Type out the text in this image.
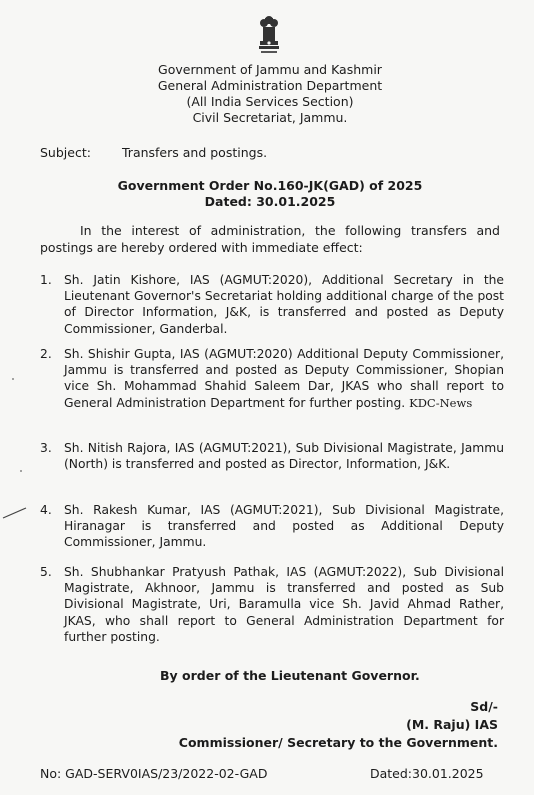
Government of Jammu and Kashmir
General Administration Department
(All India Services Section)
Civil Secretariat, Jammu.
Subject: Transfers and postings.
Government Order No.160-JK(GAD) of 2025
Dated: 30.01.2025
In the interest of administration, the following transfers and postings are hereby ordered with immediate effect:
1. Sh. Jatin Kishore, IAS (AGMUT:2020), Additional Secretary in the Lieutenant Governor's Secretariat holding additional charge of the post of Director Information, J&K, is transferred and posted as Deputy Commissioner, Ganderbal.
2. Sh. Shishir Gupta, IAS (AGMUT:2020) Additional Deputy Commissioner, Jammu is transferred and posted as Deputy Commissioner, Shopian vice Sh. Mohammad Shahid Saleem Dar, JKAS who shall report to General Administration Department for further posting. KDC-News
3. Sh. Nitish Rajora, IAS (AGMUT:2021), Sub Divisional Magistrate, Jammu (North) is transferred and posted as Director, Information, J&K.
4. Sh. Rakesh Kumar, IAS (AGMUT:2021), Sub Divisional Magistrate, Hiranagar is transferred and posted as Additional Deputy Commissioner, Jammu.
5. Sh. Shubhankar Pratyush Pathak, IAS (AGMUT:2022), Sub Divisional Magistrate, Akhnoor, Jammu is transferred and posted as Sub Divisional Magistrate, Uri, Baramulla vice Sh. Javid Ahmad Rather, JKAS, who shall report to General Administration Department for further posting.
By order of the Lieutenant Governor.
Sd/-
(M. Raju) IAS
Commissioner/ Secretary to the Government.
No: GAD-SERV0IAS/23/2022-02-GAD	Dated:30.01.2025
